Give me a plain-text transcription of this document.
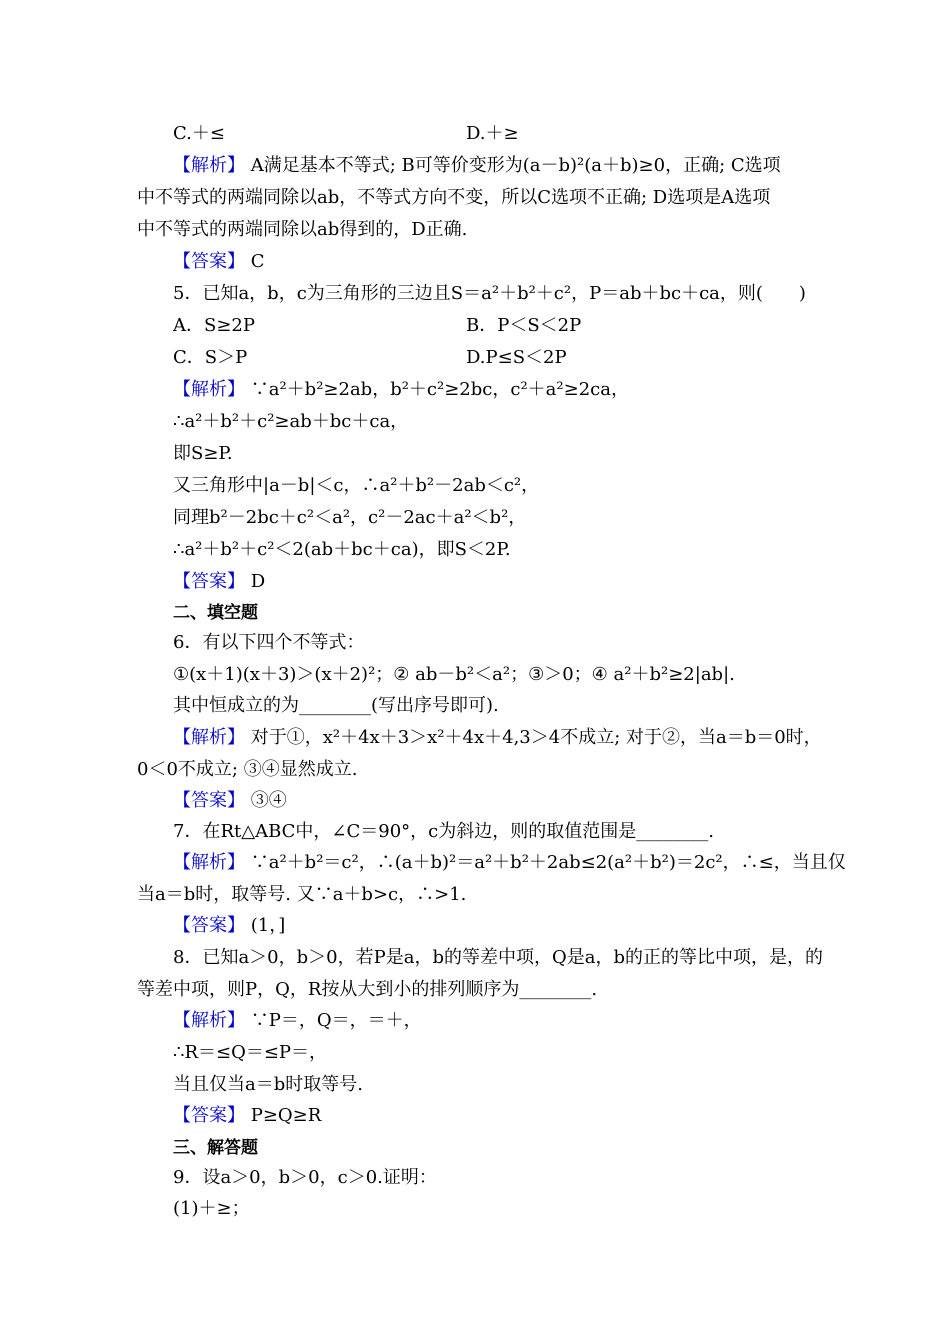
C.＋≤	D.＋≥
【解析】 A满足基本不等式; B可等价变形为(a－b)²(a＋b)≥0，正确; C选项
中不等式的两端同除以ab，不等式方向不变，所以C选项不正确; D选项是A选项
中不等式的两端同除以ab得到的，D正确.
【答案】 C
5．已知a，b，c为三角形的三边且S＝a²＋b²＋c²，P＝ab＋bc＋ca，则(　　)
A．S≥2P	B．P＜S＜2P
C．S＞P	D.P≤S＜2P
【解析】 ∵a²＋b²≥2ab，b²＋c²≥2bc，c²＋a²≥2ca，
∴a²＋b²＋c²≥ab＋bc＋ca，
即S≥P.
又三角形中|a－b|＜c，∴a²＋b²－2ab＜c²，
同理b²－2bc＋c²＜a²，c²－2ac＋a²＜b²，
∴a²＋b²＋c²＜2(ab＋bc＋ca)，即S＜2P.
【答案】 D
二、填空题
6．有以下四个不等式：
①(x＋1)(x＋3)＞(x＋2)²；② ab－b²＜a²；③＞0；④ a²＋b²≥2|ab|.
其中恒成立的为________(写出序号即可).
【解析】 对于①，x²＋4x＋3＞x²＋4x＋4,3＞4不成立; 对于②，当a＝b＝0时，
0＜0不成立; ③④显然成立.
【答案】 ③④
7．在Rt△ABC中，∠C＝90°，c为斜边，则的取值范围是________.
【解析】 ∵a²＋b²＝c²，∴(a＋b)²＝a²＋b²＋2ab≤2(a²＋b²)＝2c²，∴≤，当且仅
当a＝b时，取等号. 又∵a＋b>c，∴>1.
【答案】 (1，]
8．已知a＞0，b＞0，若P是a，b的等差中项，Q是a，b的正的等比中项，是，的
等差中项，则P，Q，R按从大到小的排列顺序为________.
【解析】 ∵P＝，Q＝，＝＋，
∴R＝≤Q＝≤P＝，
当且仅当a＝b时取等号.
【答案】 P≥Q≥R
三、解答题
9．设a＞0，b＞0，c＞0.证明：
(1)＋≥；
